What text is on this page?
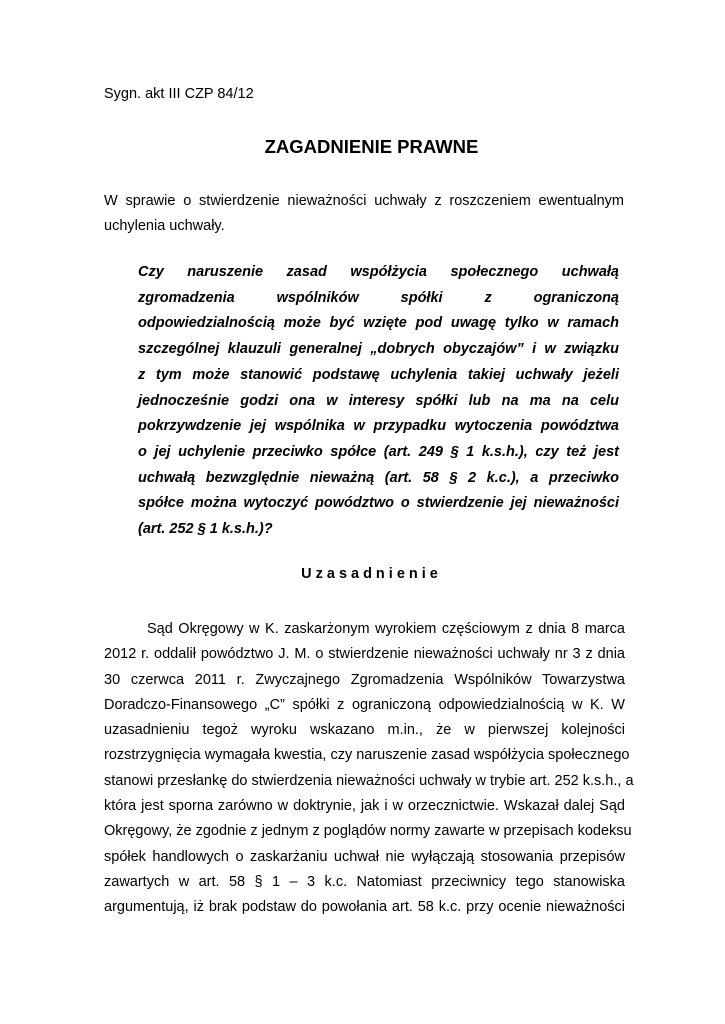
Sygn. akt III CZP 84/12
ZAGADNIENIE PRAWNE
W sprawie o stwierdzenie nieważności uchwały z roszczeniem ewentualnym
uchylenia uchwały.
Czy naruszenie zasad współżycia społecznego uchwałą
zgromadzenia wspólników spółki z ograniczoną
odpowiedzialnością może być wzięte pod uwagę tylko w ramach
szczególnej klauzuli generalnej „dobrych obyczajów” i w związku
z tym może stanowić podstawę uchylenia takiej uchwały jeżeli
jednocześnie godzi ona w interesy spółki lub na ma na celu
pokrzywdzenie jej wspólnika w przypadku wytoczenia powództwa
o jej uchylenie przeciwko spółce (art. 249 § 1 k.s.h.), czy też jest
uchwałą bezwzględnie nieważną (art. 58 § 2 k.c.), a przeciwko
spółce można wytoczyć powództwo o stwierdzenie jej nieważności
(art. 252 § 1 k.s.h.)?
Uzasadnienie
Sąd Okręgowy w K. zaskarżonym wyrokiem częściowym z dnia 8 marca
2012 r. oddalił powództwo J. M. o stwierdzenie nieważności uchwały nr 3 z dnia
30 czerwca 2011 r. Zwyczajnego Zgromadzenia Wspólników Towarzystwa
Doradczo-Finansowego „C” spółki z ograniczoną odpowiedzialnością w K. W
uzasadnieniu tegoż wyroku wskazano m.in., że w pierwszej kolejności
rozstrzygnięcia wymagała kwestia, czy naruszenie zasad współżycia społecznego
stanowi przesłankę do stwierdzenia nieważności uchwały w trybie art. 252 k.s.h., a
która jest sporna zarówno w doktrynie, jak i w orzecznictwie. Wskazał dalej Sąd
Okręgowy, że zgodnie z jednym z poglądów normy zawarte w przepisach kodeksu
spółek handlowych o zaskarżaniu uchwał nie wyłączają stosowania przepisów
zawartych w art. 58 § 1 – 3 k.c. Natomiast przeciwnicy tego stanowiska
argumentują, iż brak podstaw do powołania art. 58 k.c. przy ocenie nieważności
